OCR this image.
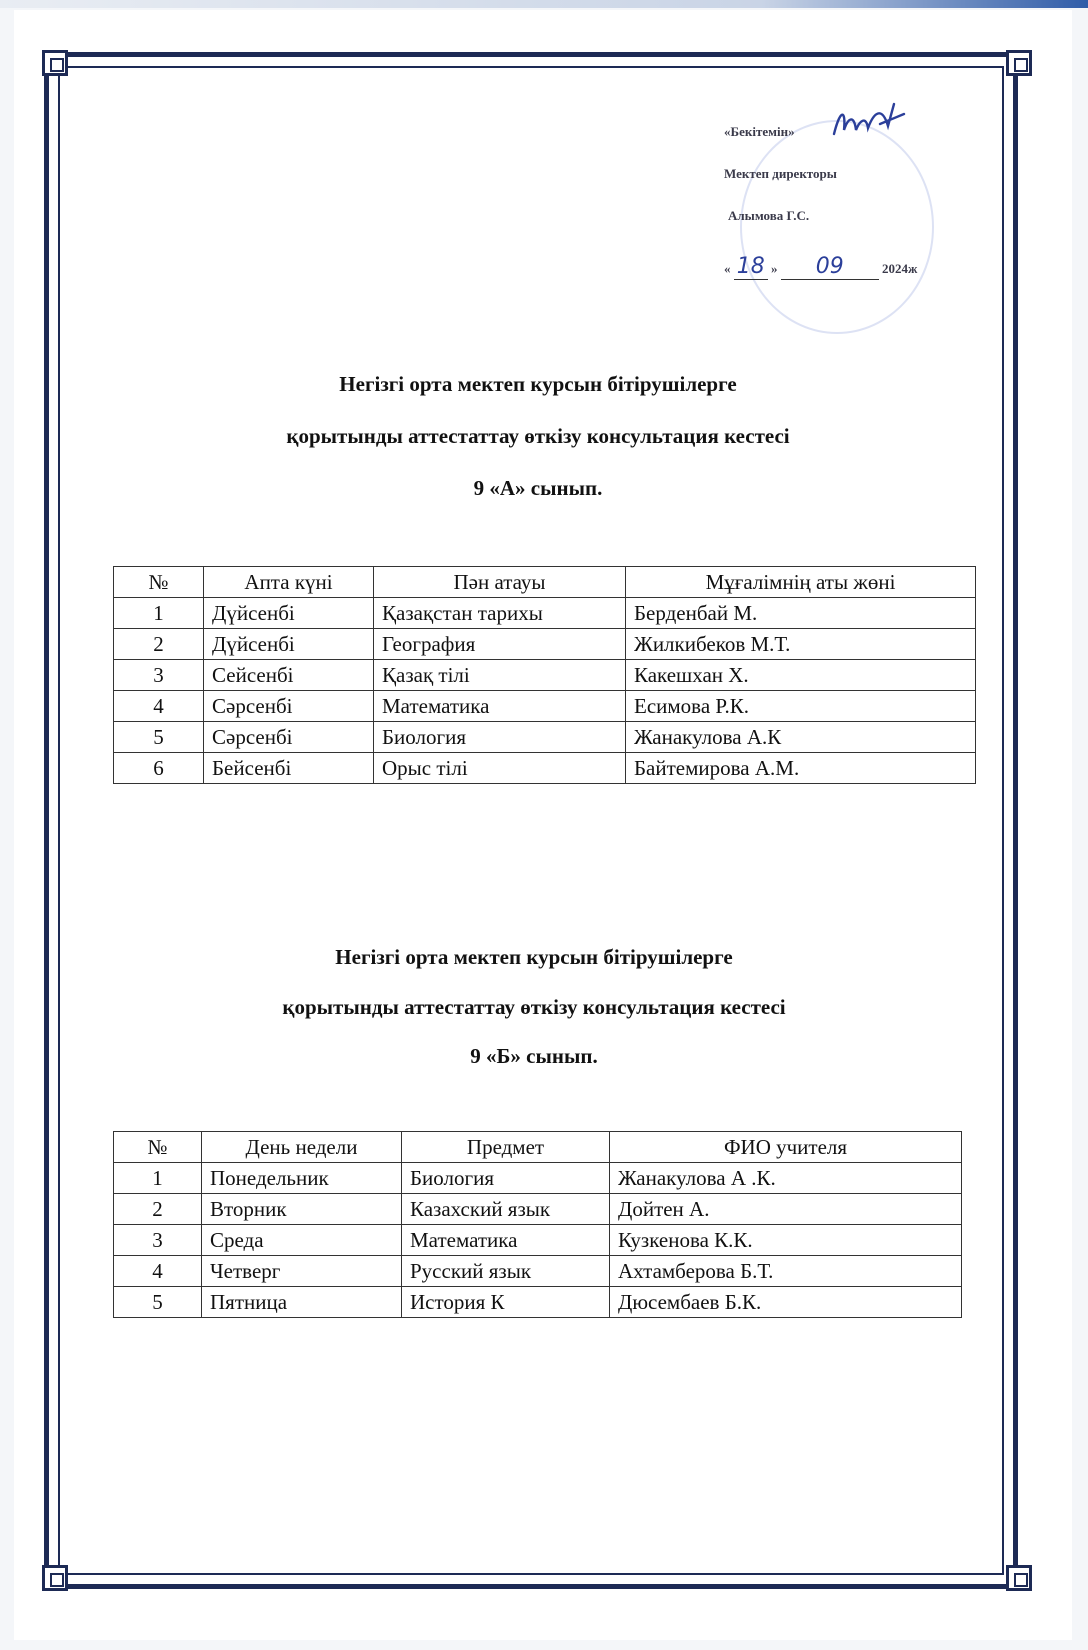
«Бекітемін»
Мектеп директоры
Алымова Г.С.
« 18 » 09	2024ж
Негізгі орта мектеп курсын бітірушілерге
қорытынды аттестаттау өткізу консультация кестесі
9 «А» сынып.
№	Апта күні	Пән атауы	Мұғалімнің аты жөні
1	Дүйсенбі	Қазақстан тарихы	Берденбай М.
2	Дүйсенбі	География	Жилкибеков М.Т.
3	Сейсенбі	Қазақ тілі	Какешхан Х.
4	Сәрсенбі	Математика	Есимова Р.К.
5	Сәрсенбі	Биология	Жанакулова А.К
6	Бейсенбі	Орыс тілі	Байтемирова А.М.
Негізгі орта мектеп курсын бітірушілерге
қорытынды аттестаттау өткізу консультация кестесі
9 «Б» сынып.
№	День недели	Предмет	ФИО учителя
1	Понедельник	Биология	Жанакулова А .К.
2	Вторник	Казахский язык	Дойтен А.
3	Среда	Математика	Кузкенова К.К.
4	Четверг	Русский язык	Ахтамберова Б.Т.
5	Пятница	История К	Дюсембаев Б.К.
